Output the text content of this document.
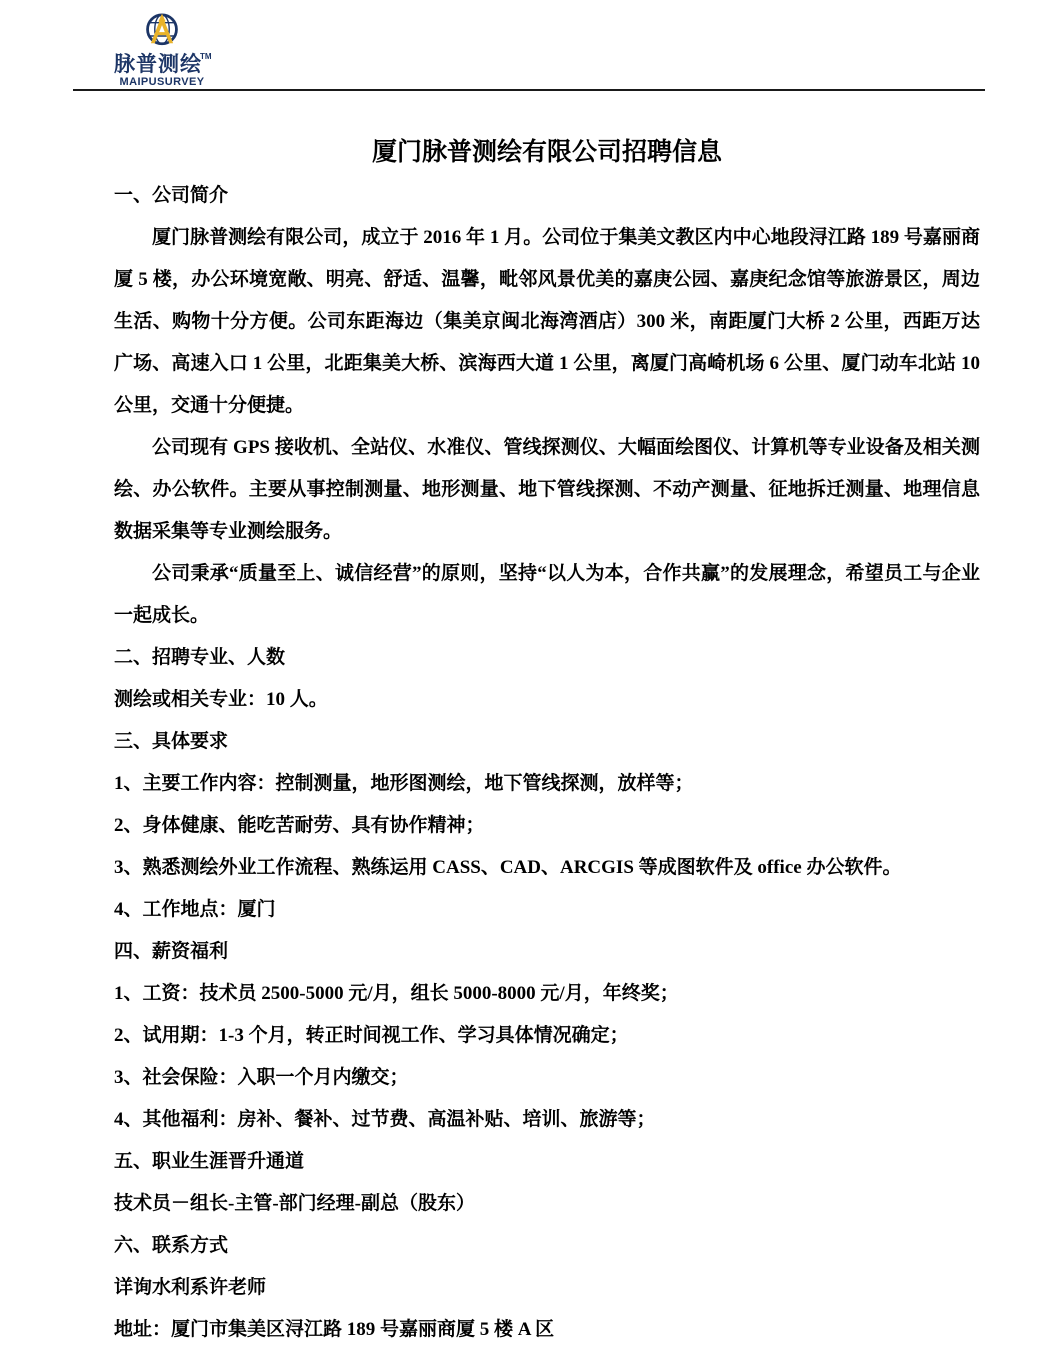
脉普测绘™
MAIPUSURVEY
厦门脉普测绘有限公司招聘信息
一、公司简介

厦门脉普测绘有限公司，成立于 2016 年 1 月。公司位于集美文教区内中心地段浔江路 189 号嘉丽商厦 5 楼，办公环境宽敞、明亮、舒适、温馨，毗邻风景优美的嘉庚公园、嘉庚纪念馆等旅游景区，周边生活、购物十分方便。公司东距海边（集美京闽北海湾酒店）300 米，南距厦门大桥 2 公里，西距万达广场、高速入口 1 公里，北距集美大桥、滨海西大道 1 公里，离厦门高崎机场 6 公里、厦门动车北站 10 公里，交通十分便捷。

公司现有 GPS 接收机、全站仪、水准仪、管线探测仪、大幅面绘图仪、计算机等专业设备及相关测绘、办公软件。主要从事控制测量、地形测量、地下管线探测、不动产测量、征地拆迁测量、地理信息数据采集等专业测绘服务。

公司秉承“质量至上、诚信经营”的原则，坚持“以人为本，合作共赢”的发展理念，希望员工与企业一起成长。

二、招聘专业、人数

测绘或相关专业：10 人。

三、具体要求

1、主要工作内容：控制测量，地形图测绘，地下管线探测，放样等；

2、身体健康、能吃苦耐劳、具有协作精神；

3、熟悉测绘外业工作流程、熟练运用 CASS、CAD、ARCGIS 等成图软件及 office 办公软件。

4、工作地点：厦门

四、薪资福利

1、工资：技术员 2500-5000 元/月，组长 5000-8000 元/月，年终奖；

2、试用期：1-3 个月，转正时间视工作、学习具体情况确定；

3、社会保险：入职一个月内缴交；

4、其他福利：房补、餐补、过节费、高温补贴、培训、旅游等；

五、职业生涯晋升通道

技术员－组长-主管-部门经理-副总（股东）

六、联系方式

详询水利系许老师

地址：厦门市集美区浔江路 189 号嘉丽商厦 5 楼 A 区
